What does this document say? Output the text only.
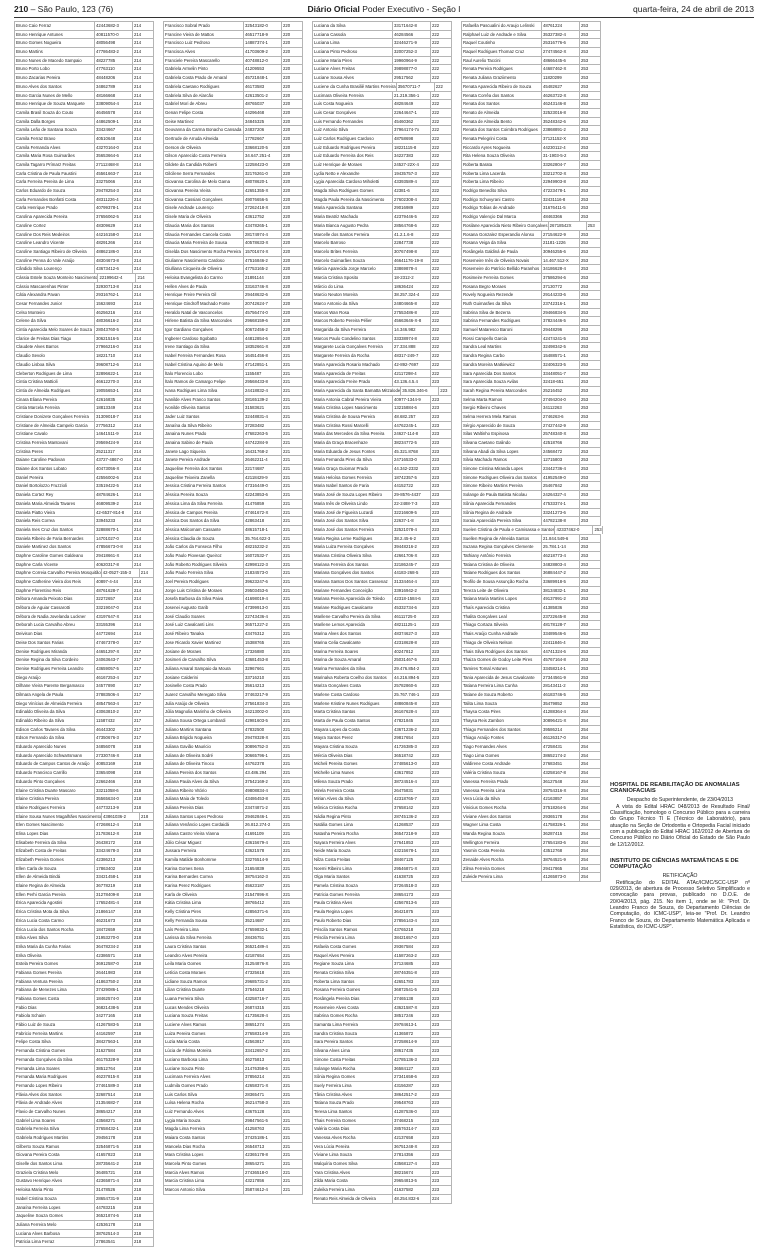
210 – São Paulo, 123 (76)	Diário Oficial Poder Executivo - Seção I	quarta-feira, 24 de abril de 2013
Bruno Caio Ferraz	42443682-3	214
Bruno Henrique Antunes	40811570-0	214
Bruno Gomes Nogueira	48056498	214
Bruno Martins	47786483-2	214
Bruno Nunes de Macedo Sampaio	48227785	214
Bruno Porto Lobo	47763110	214
Bruno Zacarias Pereira	48448206	214
Bruno Alves dos Santos	34862789	214
Bruno Garcia Nunes de Mello	48166668	214
Bruno Henrique de Souza Marquete	33809054-4	214
Camila Brasil Souza do Couto	46456578	214
Camila Dalla Borges	44862509-1	214
Camila Leão de Santana Souza	33424667	214
Camila Ferraz Bravo	40510648	214
Camila Fernanda Alves	43270164-0	214
Camila Maria Rosa Guimarães	35653664-6	214
Camila Tagarro Prímarz Freitas	27112468-8	214
Carla Cristina de Paula Faustini	45561663-7	214
Carla Ferreira Pereira de Lima	33275066	214
Carlos Eduardo de Souza	29478254-3	214
Carla Fernandes Bonfatti Costa	48311226-4	214
Carla Henrique Prado	40799378-1	214
Carolina Aparecida Pereira	37656062-5	214
Caroline Cortez	48309629	214
Caroline Dos Reis Medeiros	44216158-0	214
Caroline Leandro Vicente	48291266	214
Caroline Santiago Ribeiro de Oliveira	48862186-0	214
Caroline Penna do Vale Araújo	48304673-8	214
Cândido Silva Lourenço	43673412-6	214
Cássia Estele Souza Monteiro Nascimento 22199642-4	214
Cássio Mascarenhas Pinter	32930713-8	214
Cátia Alexandra Pavan	29316762-1	214
Cesar Fernandes Junior	15624693	214
Celso Monteiro	46256216	214
Celene da Silva	48036616-2	214
Cintia Aparecida Melo Soares de Souza 28043760-5	214
Clarice de Freitas Dias Tiago	30621516-5	214
Claudete Alves Barros	27966216-0	214
Claudio Sevolo	18221710	214
Claudio Lisboa Silva	39608712-6	214
Cleberton Rodrigues de Lima	32896622-1	214
Cintia Cristina Mattioli	46612270-3	214
Cintia de Almeida Rodrigues	19055653-1	214
Cinara Eliana Pereira	42616835	214
Cintia Marcela Ferreira	18813349	214
Cristiane Donizete Gonçalves Ferreira	31309018-7	214
Cristiane de Almeida Campelo Garcia	27756312	214
Cristiane Cavalo	14641511-9	214
Cristina Ferreira Mantovani	29569424-9	214
Cristina Peres	25211317	214
Daiane Caroline Padovan	43727-4867-0	214
Daiane dos Santos Lobato	40473056-X	214
Daniel Pereira	42556002-6	214
Daniel Bortolozzo Fruzzioli	33519422-5	214
Daniela Cortez Rey	48784626-1	214
Daniela Maria Almeida Tavares	46809539-2	214
Daniela Piatto Vieira	42-6537-814-8	214
Daniela Reis Correa	33945233	214
Daniela Ines Cruz dos Santos	32888670-1	214
Daniela Ribeiro de Faria Bernardes	14701027-0	214
Daniele Martinez dos Santos	47856673-0-8	214
Daphne Caroline Gomes Galdeano	29418661-X	214
Daphne Carla Vicente	40620317-8	214
Daphne Correia Carvalho Pereira Mosquitão 42-0527-155-3	214
Daphne Catherine Vieira dos Reis	40897-4-44	214
Daphne Florentino Reis	48761628-7	214
Débora Amanda Peixoto Dias	32272657	214
Débora de Aguiar Cassarotti	33219047-0	214
Débora de Nadia Jovelanda Luckner	43197647-X	214
Deborah Lucia Carvalho Abreu	33155396	214
Deivison Dias	44772694	214
Deise Dos Santos Farias	47467378-0	217
Denise Rodrigues Miranda	44651297-X	217
Denise Regina da Silva Cordeiro	24063643-7	217
Denise Rodrigues Ferreira Leandro	43659057-5	217
Diego Araújo	46167253-4	217
Dilhane Vieira Parente Bergamasco	34577890	217
Dilmara Angela de Paula	37883506-4	217
Diego Vinícius de Almeida Ferreira	48547563-4	217
Edinaldo Oliveira da Silva	43063810-2	217
Edinaldo Ribeiro da Silva	11587432	217
Edison Carlos Tavares da Silva	46443302	217
Edson Fernando da Silva	47350676-3	217
Eduardo Aparecido Nunes	34856078	218
Eduardo Aparecido Schwartsmann	27330746-X	218
Eduardo de Campos Cantos de Araújo	40853169	218
Eduardo Francisco Carrillo	33654098	218
Eduardo Pinto Gonçalves	22662466	218
Elaine Cristina Duarte Mascaro	33211058-6	218
Elaine Cristina Pereira	35565634-0	218
Elaine Rodrigues Ferreira	44773213-9	218
Elaine Sousa Nunes Magalhães Nascimento 43861036-2	218
Elen Gomes Nascimento	47268612-4	218
Elina Lopes Dias	21783612-X	218
Elisabete Ferreira da Silva	26438172	218
Elizabeth Costa de Freitas	33424678-3	218
Elizabeth Pereira Gomes	42386213	218
Ellen Carla de Souza	17863402	218
Ellen de Almeida Bindá	33421458-1	218
Elaine Regina de Almeida	36778219	218
Ellen Perhi Garcia Pereira	31278409-8	218
Érica Aparecida Agostini	17652481-4	218
Érica Cristina Mota da Silva	21866147	218
Érica Lucia Costa Carmo	46231673	218
Érica Lucia dos Santos Rocha	18472659	218
Erika Alves Silva	21953270-0	218
Erika Maria da Cunha Farias	36478234-2	218
Erika Oliveira	42386571	218
Estela Pereira Gomes	36912587-0	218
Fabiana Gomes Pereira	26441983	218
Fabiana Ventura Pereira	41863750-2	218
Fabiana de Menezes Lima	37429086-1	218
Fabiana Gomes Costa	18462574-0	218
Fabio Dias	36821438-5	218
Fabiola Schaim	34277165	218
Fábio Luiz de Souza	41267583-5	218
Fabricio Ferreira Martins	44162597	218
Felipe Costa Silva	38427563-1	218
Fernanda Cristina Gomes	31627584	218
Fernanda Gonçalves da Silva	46175328-9	218
Fernanda Lima Soares	38512764	218
Fernanda Maria Rodrigues	46237815-X	218
Fernando Lopes Ribeiro	27461589-3	218
Flávia Alves dos Santos	32687514	218
Flávia de Andrade Alves	21354682-7	218
Flavio de Carvalho Nunes	38654217	218
Gabriel Lima Soares	43568271	218
Gabriela Ferreira Silva	37658432-1	218
Gabriela Rodrigues Martins	29456178	218
Gilberto Souza Ramos	32546871-5	218
Giovana Pereira Costa	41657823	218
Giselle dos Santos Lima	28735641-2	218
Graziela Cristina Melo	36485721	218
Gustavo Henrique Alves	42365871-4	218
Heloisa Maria Pinto	31478526	218
Isabel Cristina Souza	28654731-9	218
Janaína Ferreira Lopes	44783215	218
Jaqueline Souza Gomes	36521874-6	218
Juliana Ferreira Melo	42536178	218
Luciana Alves Barbosa	38762514-3	218
Patricia Lima Ferraz	27863541	218
Francisco Sobral Prado	32543182-0	220
Francine Vieira de Mattos	46517718-9	220
Francisco Luiz Pedroso	14887374-1	220
Francisca Alves	41703609-2	220
Franciele Pereira Mascarello	40748812-0	220
Gabriela Armelin Pinto	41209553	220
Gabriela Costa Prado de Amaral	45721848-1	220
Gabriela Caetano Rodrigues	46173583	220
Gabriela Silva de Alarcão	42613501-2	220
Gabriel Mori de Abreu	48765037	220
Genan Felipe Costa	44296468	220
Geise Martinez	34845325	220
Geovanna da Carma Bonacho Cansada 24837206	220
Gertrude de Arruda Almeida	17782667	220
Gerson de Oliveira	33668120-5	220
Gilson Aparecido Costa Ferreira	34.647.251-4	220
Gildete da Candida Roberti	12258423-0	220
Gilcilene Serra Fernandes	32176261-0	220
Giovanna Carolina de Melo Gama	48078620-1	220
Giovanna Pereira Vieira	42651355-X	220
Giovanna Cassiani Gonçalves	49076656-5	220
Gisele Andrade Lourenço	27262418-X	220
Gisele Maria de Oliveira	43612752	220
Glaucia Maria dos Santos	43478265-1	220
Glaucia Fernandes Cancela Costa	28174974-4	220
Glaucia Maria Ferreira de Sousa	40578633-X	220
Giselda Dos Nascimento Rocha Pereira 15701674-X	220
Giulianne Nascimento Cardoso	47516846-2	220
Giulliana Cirqueira de Oliveira	47753165-2	220
Heloisa Evangelista do Carmo	21891144	220
Hellen Alves de Paula	33163746-X	220
Henrique Freire Pereira Gil	29448632-6	220
Henrique Gindroff Machado Fonte	20742624-7	220
Heraldo Natal de Vasconcelos	45756474-0	220
Hirlene Batista da Silva Marcondes	29668159-6	220
Igor Gardiano Gonçalves	40672456-2	220
Ingberer Cardoso Sgobatto	44812854-6	220
Irene Santiago da Silva	18352661-X	220
Isabel Ferreira Fernandes Rosa	16451456-8	221
Isabel Cristina Aquino de Melo	47142851-1	221
Ítalo Florencio Lobo	1155487	221
Ítalo Ramos de Camargo Felipe	29568433-8	221
Ivana Rodrigues Lima Silva	24418832-4	221
Ivanilde Alves Franco Santos	28165139-2	221
Ivonilde Oliveira Santos	31583621	221
Jader Luiz Santos	32448831-4	221
Janaína da Silva Ribeiro	37283482	221
Janaina Nunes Prado	47682263-5	221
Janaina Sabino de Paula	44742284-9	221
Janete Lago Siqueira	16431768-2	221
Janete Pereira Andrade	26462211-4	221
Jaqueline Ferreira dos Santos	22174687	221
Jaqueline Teixeira Zanella	42118429-9	221
Jessica Cristina Ferreira Santos	47316449-0	221
Jéssica Pereira Souza	42243853-6	221
Jéssica Lima da Silva Ferreira	41476859	221
Jéssica de Campos Pereira	47461672-X	221
Jéssica Dos Santos da Silva	42863418	221
Jéssica Malcomam Cassante	48615718-1	221
Jéssica Claudia de Souza	35.764.622-3	221
João Carlos da Fonseca Filho	48215232-2	221
João Paulo Piovesan Queiroz	16072532-7	221
João Roberto Rodrigues Silveira	42998122-3	221
João Paulo Ferreira Silva	21834573-0	221
Joel Pereira Rodrigues	39623247-6	221
Jorge Luis Cristina de Moraes	29503453-6	221
Josefa Barbosa da Silva Paiva	41698019-4	221
Josenei Augusto Garib	47399913-0	221
José Claudio Soares	22743436-4	221
José Luiz Cavalcanti Lins	36571227-2	221
José Ribeiro Tanaka	43476312	221
Jose Ricardo Xavier Martinez	15388765	221
Josiane de Moraes	17326880	221
Josimeri de Carvalho Silva	43681453-8	221
Juliana Amaral Sampaio da Moura	32967661	221
Josiane Calderini	33716210	221
Josinelle Costa Prado	35614213	221
Juarez Carvalho Meregato Silva	37463217-9	221
Julia Araújo de Oliveira	27561834-3	221
Júlia Magnolia Marinho de Oliveira	34213002-0	221
Juliana Sousa Ortega Lombardi	42981603-5	221
Juliano Martins Santana	47832500	221
Juliana Brigido Nogueira	29478328-X	221
Juliana Gavião Mauricio	30896752-3	221
Juliana de Oliveira Sodré	30665796-1	221
Juliana de Oliveira Tinoco	44762378	221
Juliana Pereira dos Santos	43.486.294	221
Juliana Paula Alves da Silva	37542169-2	221
Juliana Ribeiro Vitório	49808834-4	221
Juliana Maia de Toledo	43486453-8	221
Juliana Pereira Dias	23474871-2	221
Juliana Santos Lopes Pedroso	29462846-1	221
Juliana Venâncio Lopes Cordaidá	26.812.274-2	221
Juliana Castro Vieira Vianna	41691109	221
Júlio César Miguez	43615679-4	221
Jussara Ferreira	43621578	221
Kamila Matilde Bonhomme	33276514-9	221
Karina Gomes Sena	21654839	221
Karina Bernardes Correa	38754162-3	221
Karina Perez Rodrigues	45623187	221
Karla de Oliveira	21547896-X	221
Kátia Cristina Lima	38765412	221
Kelly Cristina Pires	42856371-6	221
Kelly Fernanda Sousa	35214687	221
Laís Pereira Lima	47659832-1	221
Larissa da Silva Ferreira	28436751	221
Laura Cristina Santos	36521489-4	221
Leandro Alves Pereira	42187654	221
Leila Maria Gomes	31254876-X	221
Letícia Costa Moraes	47325618	221
Lidiane Souza Ramos	29685731-2	221
Lilian Cristina Duarte	37546218	221
Luana Ferreira Silva	43258716-7	221
Lucas Mendes Oliveira	26874315	221
Luciana Souza Freitas	41735628-4	221
Luciene Alves Ramos	38651274	221
Luiza Pereira Gomes	27658314-9	221
Luzia Maria Costa	42563817	221
Lúcia de Fátima Moreira	33412657-2	221
Luciano Barbosa Lima	46275813	221
Luciane Souza Pinto	21476358-6	221
Lucimara Ferreira Alves	37856214	221
Ludmila Gomes Prado	42658371-X	221
Luis Carlos Silva	28365471	221
Luísa Helena Rocha	36214758-3	221
Luiz Fernando Alves	43675128	221
Lygia Maria Souza	29847561-5	221
Magda Lima Ferreira	41258763	221
Maiara Costa Santos	37425186-1	221
Manoela Dias Rocha	26548713	221
Mara Cristina Lopes	42365178-8	221
Marcela Pinto Gomes	38654271	221
Marcia Alves Ramos	27436518-0	221
Marcia Cristina Lima	43217856	221
Marcos Antonio Silva	35874612-4	221
Luciana da Silva	33171642-8	222
Luciana Cassola	46284566	222
Luciana Lima	32446271-9	222
Luciana Pinto Pedroso	32007252-3	222
Luciane Maria Pires	19960964-9	222
Luciane Alves Freitas	39898877-0	222
Luciane Sousa Alves	29517562	222
Luciene da Cunha Brasiliê Martins Ferreira 35670711-7	222
Lucimara Oliveira Ferreira	21.219.356-1	222
Luis Costa Nogueira	48284649	222
Luis Cesar Gonçalves	22644647-1	222
Luis Fernando Fernandes	45460362	222
Luiz Antonio Silva	37964174-7x	222
Luiz Carlos Rodrigues Cardoso	48758698	222
Luiz Eduardo Rodrigues Pereira	18221115-8	222
Luiz Eduardo Ferreira dos Reis	34227383	222
Luiz Henrique de Moraes	24527-22X-4	222
Lydia Netto e Alexandre	19435757-3	222
Lygia Aparecida Cardoso Miholetti	43393589-4	222
Magda Silva Rodrigues Gomes	42381-6	222
Magda Paula Pereira da Nascimento	27602308-4	222
Maria Aparecida Santana	29016989	222
Maria Beatriz Machado	42379446-5	222
Maria Bianca Augusto Pedra	28564768-6	222
Marcelle dos Santos Ferreira	41.2.1.6-8	222
Marcelo Barroso	22847738	222
Marcelo Brites Ferreira	30767498-8	222
Marcelo Guimarães Souza	46641176-19-8	222
Márcia Aparecida Jorge Marcelo	33869878-4	222
Marcia Cristina Sposito	18-2312-2	222
Márcio do Lima	18636424	222
Marcio Neuton Moreira	38.257.324-4	222
Marco Antonio da Silva	24804665-8	222
Marcos Wan Rosa	27553486-8	222
Marcos Roberto Pereira Pélier	45663646-X-8	222
Margarida da Silva Ferreira	14.346.982	222
Marcos Paulo Condelino Santos	33338974-8	222
Margarete Lucia Gonçalves Ferreira	27.334.888	222
Margarete Ferreira da Rocha	48317-249-7	222
Maria Aparecida Rosario Machado	42-892-7697	222
Maria Aparecida de Freitas	42117298-4	222
Maria Aparecida Freire Prado	43.136.4.5.4	223
Maria Aparecida da Santa Bamatta Mitzalode 35.826.346-6	223
Maria Antonia Cabral Pereira Vieira	40977-1344-9	223
Maria Cristina Lopes Nascimento	13215884-6	223
Maria Cristina de Sousa Pereira	48.682.257	223
Maria Cristina Rossi Marcelli	44762245-1	223
Maria das Mercedes da Silva Pereira	24627-114-8	223
Maria da Graça Bracenhaze	38234772-5	223
Maria Eduarda de Jesus Fontes	45.321.8768	223
Maria Fernanda Pires da Silva	24716533-0	223
Maria Graça Guiomar Prado	44.342-2332	223
Maria Heloísa Gomes Ferreira	18742357-5	223
Maria Isabel Santos de Faria	44152722	223
Maria José de Souza Lopes Ribeiro	29-8576-4437	223
Maria Inês de Oliveira Lindo	22-2488-7-3	223
Maria José de Figueira Luzardi	32216609-5	223
Maria José dos Santos Silva	22637-1-8	223
Maria José dos Santos Ferreira	32521078-4	223
Maria Regina Leme Rodrigues	38.2.45-6-2	223
Maria Luiza Ferreira Gonçalves	39448216-2	223
Mariana Cristina Oliveira Silva	42661706-X	223
Mariana Ferreira dos Santos	32186245-7	223
Mariana Gonçalves dos Santos	44183-268-5	223
Mariana Santos Dos Santos Cassenaz	31334464-4	223
Mariane Fernandes Conceição	33916942-2	223
Mariana Pereira Aparecida de Toledo	42318-1584-6	223
Mariane Rodrigues Cavalcante	45332734-6	223
Marilene Carvalho Pereira da Silva	46111725-0	223
Marilene Lemos Aparecida	48211125-1	223
Marina Alves dos Santos	48374627-3	223
Marina Celia Cavalcante	42318628-8	223
Marina Ferreira Soares	40247812	223
Marina de Souza Amaral	25031467-5	223
Marina Fernandes da Silva	29.476.854-2	223
Marinalva Roberta Coelho dos Santos	44.216.894-5	223
Mariza Gonçalves Costa	25782860-6	223
Marlene Costa Cardoso	25.767.746-1	223
Marlene Kristine Nunes Rodrigues	48860845-8	223
Marta Cristina Santos	36167628-4	223
Marta de Paula Costa Santos	47821845	223
Mayara Lopes da Costa	43671236-2	223
Mayra Santos Perez	29817654	223
Mayara Cristina Souza	41726385-3	223
Mércia Oliveira Dias	36518742	223
Micheli Pereira Gomes	27485613-0	223
Michelle Lima Nunes	43617852	223
Milena Souza Prado	38724516-4	223
Mirela Ferreira Costa	26475831	223
Mirian Alves da Silva	42318765-7	223
Mônica Cristina Rocha	37658142	223
Nádia Regina Pinto	28745136-2	223
Natália Gomes Lima	41268537	223
Natasha Pereira Rocha	36547218-9	223
Nayara Ferreira Alves	27641853	223
Neide Maria Souza	43215678-1	223
Nilza Costa Freitas	38467125	223
Noemi Ribeiro Lima	29546871-X	223
Olga Maria Santos	41638725	223
Pamela Cristina Souza	37264518-3	223
Patricia Gomes Ferreira	28654173	223
Paula Cristina Alves	42567813-6	223
Paula Regina Lopes	36421875	223
Paulo Roberto Dias	27856143-4	223
Priscila Santos Ramos	43765218	223
Priscila Ferreira Lima	38421657-0	223
Rafaela Costa Gomes	29367584	223
Raquel Alves Pereira	41587263-2	223
Regiane Souza Lima	37124685	223
Renata Cristina Silva	28746351-8	223
Roberta Lima Santos	42651783	223
Rosana Ferreira Gomes	36872541-5	223
Rosângela Pereira Dias	27465138	223
Rosemeire Alves Costa	43621587-X	223
Sabrina Gomes Rocha	38517246	223
Samanta Lima Ferreira	29784613-1	223
Sandra Cristina Souza	41365872	223
Sara Pereira Santos	37258614-9	223
Silvana Alves Lima	28617435	223
Simone Costa Freitas	42785136-3	223
Solange Maria Rocha	36584127	223
Sônia Regina Gomes	27341658-6	223
Suely Ferreira Lima	43156287	223
Tânia Cristina Alves	38642517-2	223
Tatiana Souza Prado	29548763	223
Teresa Lima Santos	41287536-0	223
Thais Ferreira Gomes	37468215	223
Valéria Costa Dias	28576314-7	223
Vanessa Alves Rocha	42137658	223
Vera Lúcia Pereira	36751248-X	223
Viviane Lima Souza	27814356	223
Walquíria Gomes Silva	43568127-4	223
Yara Cristina Alves	38215674	223
Zilda Maria Costa	29654813-5	223
Zuleika Ferreira Lima	41637582	223
Renato Reis Almeida de Oliveira	48.254.832-6	224
Rafaella Pascualini do Araujo Lelinski	48761224	253
Ralphael Luiz de Andrade e Silva	35327382-4	253
Raquel Coutinho	25316776-6	253
Raquel Rodrigues Thomaz Cruz	27474562-X	253
Raul Aurelio Taccini	48666445-6	253
Renata Pereira Rodrigues	44687462-X	253
Renata Juliana Graziimento	11820299	253
Renata Aparecida Ribeiro de Souza	45482627	253
Renata Corrêa dos Santos	46263722-X	253
Renata dos Santos	46243146-8	253
Renato de Almeida	32523016-8	253
Renata de Almeida Bento	35248342-6	253
Renata dos Santos Coimbra Rodrigues	23868891-2	253
Renata Pelegrini Costa	37121152-X	253
Riccardo Ayres Nogueira	44230112-4	253
Rita Helena Souza Oliveira	31-1903-5-2	253
Roberta Barata	33262804-7	253
Roberta Lima Lacerda	33212702-X	253
Roberta Lima Ribeiro	22949903-8	253
Rodrigo Benedito Silva	47223478-1	253
Rodrigo Schuvyrani Castro	32431116-8	253
Rodrigo Tobias de Andrade	31676411-5	253
Rodrigo Valençio Dal Marca	48463366	253
Rosilane Aparecida Nieto Ribeiro Gonçalves 26718542X	253
Rosana Gonzalez Esperandio Alonso	27154622-9	253
Rosana Veiga da Silva	21181-1226	253
Rosângela Galdiná de Paula	30946255-6	253
Rosemeire Inês de Oliveira Novais	14.467.512-X	253
Rosemeire do Patrício Bellido Paranhos 34186628-4	253
Rosimeire Ferreira Gomes	37586294-6	253
Rosana Begro Moraes	37130772	253
Rovely Nogueira Rezende	29144233-6	253
Ruth Guimarães da Silva	23742316-1	253
Sabrina Silva de Bezerra	29466834-5	253
Sabrina Fernandes Rodrigues	37824446-5	253
Samuel Mataresco Baroni	29448296	253
Rossi Campello Garcia	42474241-5	253
Sandra Leal Martins	32498342-5	253
Sandra Regina Carbo	15488571-1	253
Sandra Moreira Matkiewicz	32406323-5	253
Sara Aparecida Dos Santos	33448051-7	253
Sara Aparecida Souza Avilas	32418-651	253
Sarah Regina Pereira Marcondes	25216452	253
Selma Marta Ramos	27494204-0	253
Sergio Ribeiro Chaves	34112263	253
Selma Herrera Mela Ramos	2746263-6	253
Sérgio Aparecido de Souza	27427442-9	253
Silas Waltinho Espinosa	25748340-X	253
Silvana Caetano Galindo	42518766	253
Silvana Abadi da Silva Lopes	24568472	253
Silvia Machado Ramos	12715803	253
Simone Cristina Miranda Lopes	23442736-4	253
Simone Rodrigues Oliveira dos Santos	41952549-0	253
Simone Ribeiro Martins Pereira	25467842	253
Solange de Paula Batista Nicolau	24264327-4	253
Sônia Aparecida Fernandes	47533374-1	253
Sônia Regina de Andrade	33241273-6	253
Soraia Aparecida Pereira Silva	44782138-8	253
Suelen Cristina de Paula e Camisassa e Santos 42337462-0	253
Suellen Regina de Almeida Santos	21.844.549-6	253
Suzana Regina Gonçalves Clemente	25.784.1-14	253
Tathiany Antônio Ferreira	46218773-4	253
Tatiana Cristina de Oliveira	34828803-4	253
Tatiane Rodrigues dos Santos	36884447-2	253
Teofilo de Sousa Assunção Rocha	33689918-5	253
Tereza Leite de Oliveira	38134832-1	253
Tatiana Maria Martins Lopes	49137991-2	253
Thaís Aparecida Cristina	41385836	253
Thalita Gonçalves Leal	23722645-8	253
Thiago Cortaza Silveira	48178128-7	253
Thais Araújo Cunha Andrade	33489546-6	253
Thiago de Oliveira Nelson	22411846-4	253
Thais Silva Rodrigues dos Santos	44741324-6	253
Thaiza Gomes de Godoy Leite Pires	45767164-8	253
Tamires Tomal Antunes	33458214-1	253
Tania Aparecida de Jesus Cavalcante	27344561-9	253
Tatiana Ferreira Lima Cunha	28143411-2	253
Tatiane de Souza Roberto	46183746-5	253
Talita Lima Souza	35479852	253
Thaysa Costa Pires	41288364-4	254
Thaysa Reis Zambon	30896421-X	254
Thiago Fernandes dos Santos	39586214	254
Thiago Araújo Fontes	46126317-0	254
Tiago Fernandes Alves	47258431	254
Tiago Lima Gomes	38652174-2	254
Valdirene Costa Andrade	27683451	254
Valéria Cristina Souza	43258167-8	254
Vanessa Ferreira Prado	36127548	254
Vanessa Pereira Lima	28754316-X	254
Vera Lúcia da Silva	42163857	254
Vinicius Gomes Rocha	37518264-5	254
Viviane Alves dos Santos	29365178	254
Wagner Lima Costa	41758326-1	254
Wanda Regina Souza	36287415	254
Wellington Ferreira	27654183-6	254
Yasmin Costa Pereira	43512768	254
Zenaide Alves Rocha	38764521-9	254
Zilma Ferreira Gomes	29417865	254
Zuleide Pereira Lima	41265873-0	254
HOSPITAL DE REABILITAÇÃO DE ANOMALIAS CRANIOFACIAIS
Despacho do Superintendente, de 23/04/2013

A vista do Edital HRAC 048/2013 de Resultado Final/ Classificação, homologo o Concurso Público para a carreira do Grupo Técnico TI E (Técnico de Laboratório), para atuação na Seção de Ortodontia e Ortopedia Facial iniciado com a publicação do Edital HRAC 162/2012 de Abertura de Concurso Público no Diário Oficial do Estado de São Paulo de 12/12/2012.

INSTITUTO DE CIÊNCIAS MATEMÁTICAS E DE COMPUTAÇÃO
RETIFICAÇÃO

Retificação do EDITAL ATAc/ICMC/SCC-USP nº 029/2013, de abertura de Processo Seletivo Simplificado e convocação para provas, publicado no D.O.E. de 20/04/2013, pág. 215. No item 1, onde se lê: "Prof. Dr. Leandro Franco de Souza, do Departamento Ciências de Computação, do ICMC-USP", leia-se "Prof. Dr. Leandro Franco de Souza, do Departamento Matemática Aplicada e Estatística, do ICMC-USP".
